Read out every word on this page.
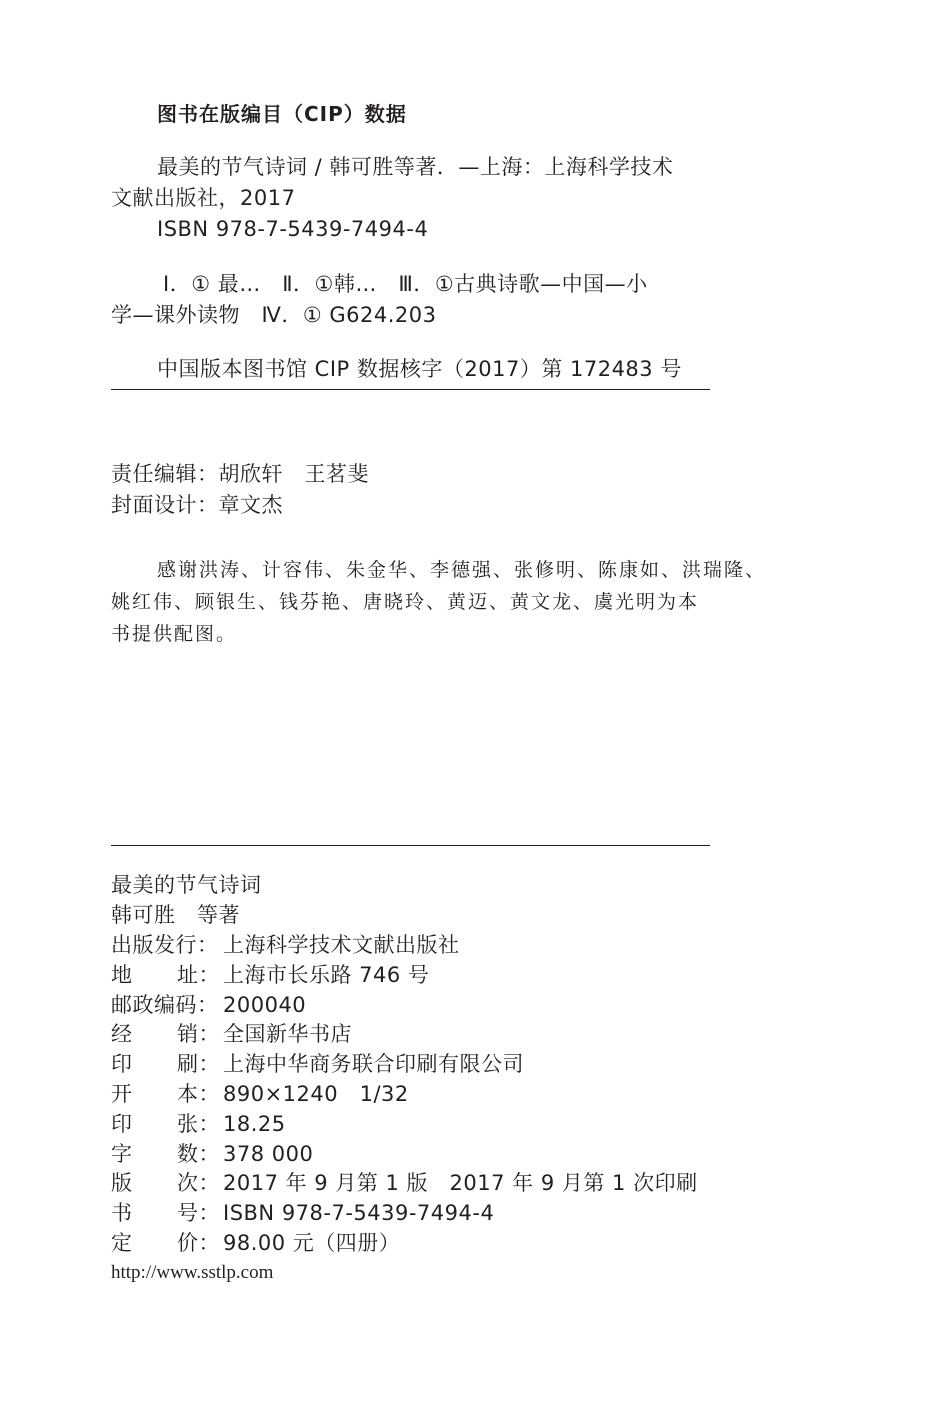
图书在版编目（CIP）数据
最美的节气诗词 / 韩可胜等著．—上海：上海科学技术
文献出版社，2017
ISBN 978-7-5439-7494-4
Ⅰ．① 最…　Ⅱ．①韩…　Ⅲ．①古典诗歌—中国—小
学—课外读物　Ⅳ．① G624.203
中国版本图书馆 CIP 数据核字（2017）第 172483 号
责任编辑：胡欣轩　王茗斐
封面设计：章文杰
感谢洪涛、计容伟、朱金华、李德强、张修明、陈康如、洪瑞隆、
姚红伟、顾银生、钱芬艳、唐晓玲、黄迈、黄文龙、虞光明为本
书提供配图。
最美的节气诗词
韩可胜　等著
出版发行： 上海科学技术文献出版社
地 址： 上海市长乐路 746 号
邮政编码： 200040
经 销： 全国新华书店
印 刷： 上海中华商务联合印刷有限公司
开 本： 890×1240　1/32
印 张： 18.25
字 数： 378 000
版 次： 2017 年 9 月第 1 版　2017 年 9 月第 1 次印刷
书 号： ISBN 978-7-5439-7494-4
定 价： 98.00 元（四册）
http://www.sstlp.com
